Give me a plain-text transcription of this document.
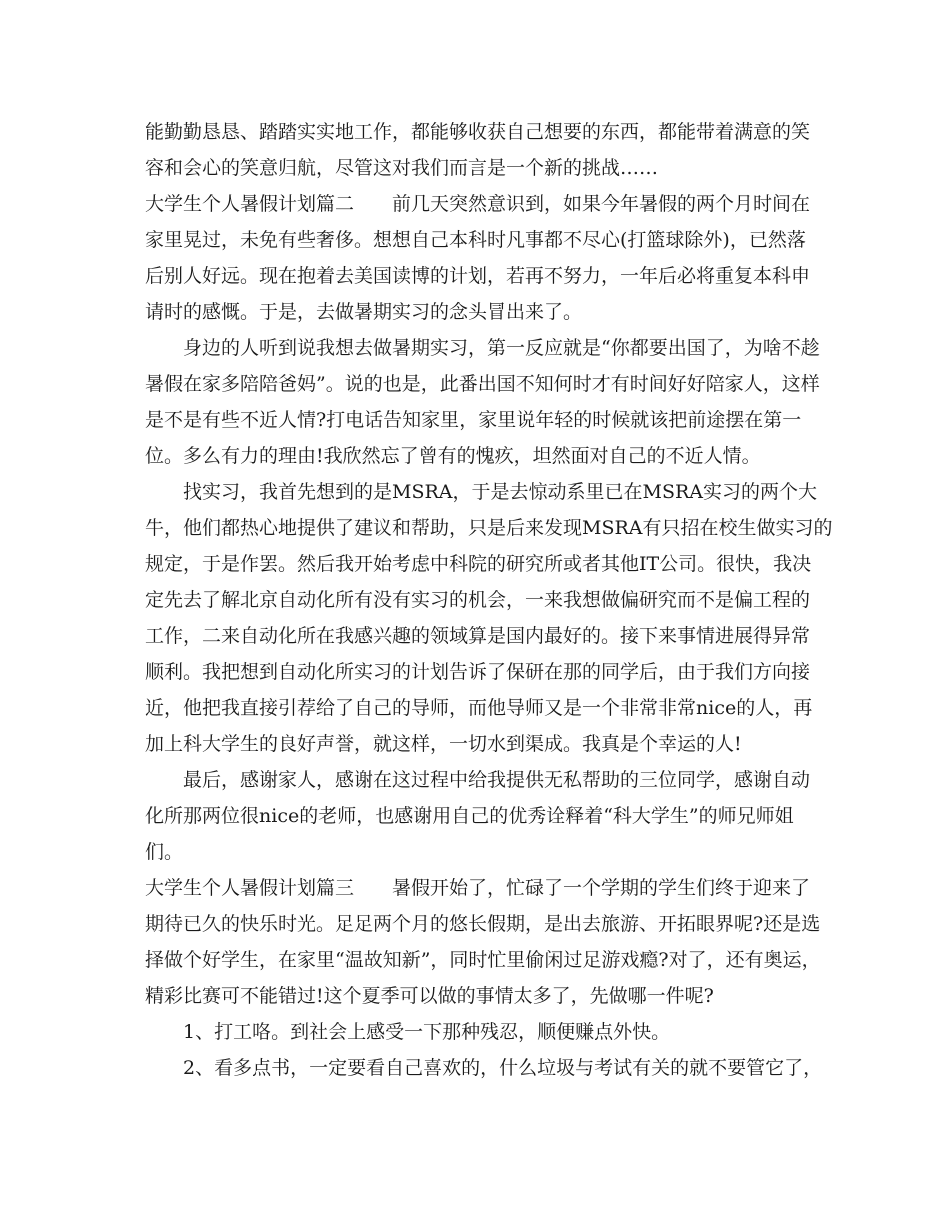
能勤勤恳恳、踏踏实实地工作，都能够收获自己想要的东西，都能带着满意的笑
容和会心的笑意归航，尽管这对我们而言是一个新的挑战……
大学生个人暑假计划篇二　　前几天突然意识到，如果今年暑假的两个月时间在
家里晃过，未免有些奢侈。想想自己本科时凡事都不尽心(打篮球除外)，已然落
后别人好远。现在抱着去美国读博的计划，若再不努力，一年后必将重复本科申
请时的感慨。于是，去做暑期实习的念头冒出来了。
身边的人听到说我想去做暑期实习，第一反应就是“你都要出国了，为啥不趁
暑假在家多陪陪爸妈”。说的也是，此番出国不知何时才有时间好好陪家人，这样
是不是有些不近人情?打电话告知家里，家里说年轻的时候就该把前途摆在第一
位。多么有力的理由!我欣然忘了曾有的愧疚，坦然面对自己的不近人情。
找实习，我首先想到的是MSRA，于是去惊动系里已在MSRA实习的两个大
牛，他们都热心地提供了建议和帮助，只是后来发现MSRA有只招在校生做实习的
规定，于是作罢。然后我开始考虑中科院的研究所或者其他IT公司。很快，我决
定先去了解北京自动化所有没有实习的机会，一来我想做偏研究而不是偏工程的
工作，二来自动化所在我感兴趣的领域算是国内最好的。接下来事情进展得异常
顺利。我把想到自动化所实习的计划告诉了保研在那的同学后，由于我们方向接
近，他把我直接引荐给了自己的导师，而他导师又是一个非常非常nice的人，再
加上科大学生的良好声誉，就这样，一切水到渠成。我真是个幸运的人!
最后，感谢家人，感谢在这过程中给我提供无私帮助的三位同学，感谢自动
化所那两位很nice的老师，也感谢用自己的优秀诠释着“科大学生”的师兄师姐
们。
大学生个人暑假计划篇三　　暑假开始了，忙碌了一个学期的学生们终于迎来了
期待已久的快乐时光。足足两个月的悠长假期，是出去旅游、开拓眼界呢?还是选
择做个好学生，在家里“温故知新”，同时忙里偷闲过足游戏瘾?对了，还有奥运，
精彩比赛可不能错过!这个夏季可以做的事情太多了，先做哪一件呢?
1、打工咯。到社会上感受一下那种残忍，顺便赚点外快。
2、看多点书，一定要看自己喜欢的，什么垃圾与考试有关的就不要管它了，
